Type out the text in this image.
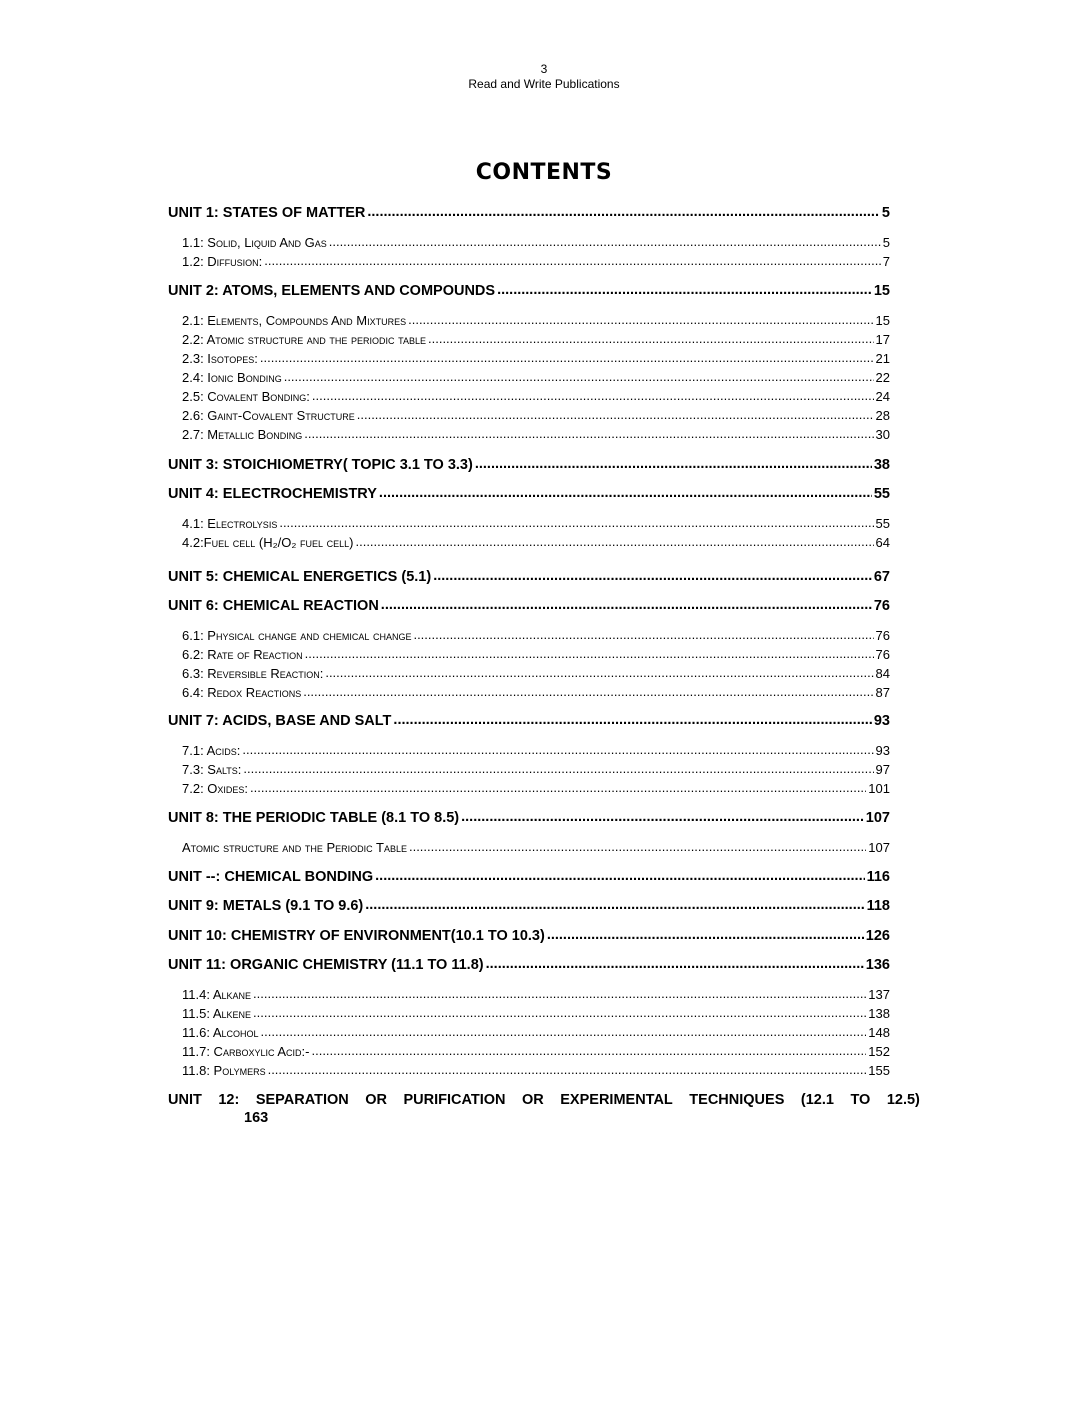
3
Read and Write Publications
CONTENTS
UNIT 1: STATES OF MATTER .....	5
1.1: Solid, Liquid And Gas .....	5
1.2: Diffusion: .....	7
UNIT 2: ATOMS, ELEMENTS AND COMPOUNDS .....	15
2.1: Elements, Compounds And Mixtures .....	15
2.2: Atomic structure and the periodic table .....	17
2.3: Isotopes: .....	21
2.4: Ionic Bonding .....	22
2.5: Covalent Bonding: .....	24
2.6: Gaint-Covalent Structure .....	28
2.7: Metallic Bonding .....	30
UNIT 3: STOICHIOMETRY( TOPIC 3.1 TO 3.3) .....	38
UNIT 4: ELECTROCHEMISTRY .....	55
4.1: Electrolysis .....	55
4.2:Fuel cell (H₂/O₂ fuel cell) .....	64
UNIT 5: CHEMICAL ENERGETICS (5.1) .....	67
UNIT 6: CHEMICAL REACTION .....	76
6.1: Physical change and chemical change .....	76
6.2: Rate of Reaction .....	76
6.3: Reversible Reaction: .....	84
6.4: Redox Reactions .....	87
UNIT 7: ACIDS, BASE AND SALT .....	93
7.1: Acids: .....	93
7.3: Salts: .....	97
7.2: Oxides: .....	101
UNIT 8: THE PERIODIC TABLE (8.1 TO 8.5) .....	107
Atomic structure and the Periodic Table .....	107
UNIT --: CHEMICAL BONDING .....	116
UNIT 9: METALS (9.1 TO 9.6) .....	118
UNIT 10: CHEMISTRY OF ENVIRONMENT(10.1 TO 10.3) .....	126
UNIT 11: ORGANIC CHEMISTRY (11.1 TO 11.8) .....	136
11.4: Alkane .....	137
11.5: Alkene .....	138
11.6: Alcohol .....	148
11.7: Carboxylic Acid:- .....	152
11.8: Polymers .....	155
UNIT 12: SEPARATION OR PURIFICATION OR EXPERIMENTAL TECHNIQUES (12.1 TO 12.5)
163
